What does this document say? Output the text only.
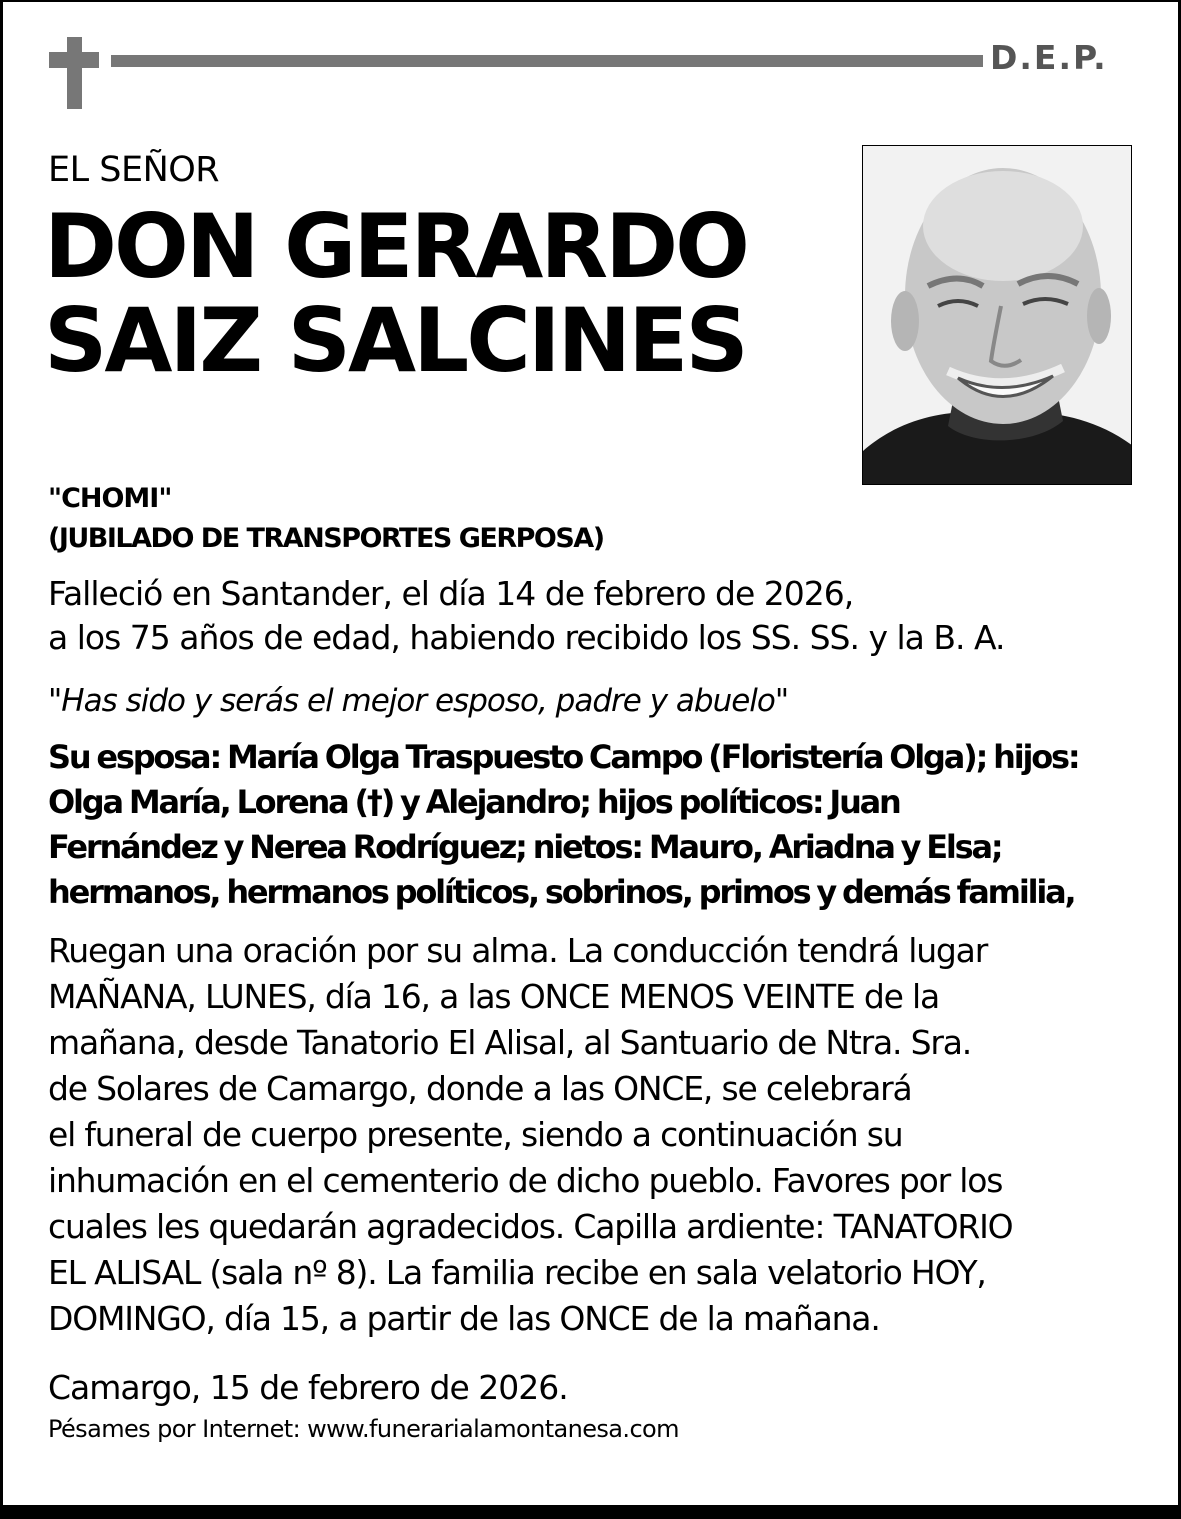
D.E.P.
EL SEÑOR
DON GERARDO
SAIZ SALCINES
"CHOMI"
(JUBILADO DE TRANSPORTES GERPOSA)
Falleció en Santander, el día 14 de febrero de 2026,
a los 75 años de edad, habiendo recibido los SS. SS. y la B. A.
"Has sido y serás el mejor esposo, padre y abuelo"
Su esposa: María Olga Traspuesto Campo (Floristería Olga); hijos:
Olga María, Lorena (†) y Alejandro; hijos políticos: Juan
Fernández y Nerea Rodríguez; nietos: Mauro, Ariadna y Elsa;
hermanos, hermanos políticos, sobrinos, primos y demás familia,
Ruegan una oración por su alma. La conducción tendrá lugar
MAÑANA, LUNES, día 16, a las ONCE MENOS VEINTE de la
mañana, desde Tanatorio El Alisal, al Santuario de Ntra. Sra.
de Solares de Camargo, donde a las ONCE, se celebrará
el funeral de cuerpo presente, siendo a continuación su
inhumación en el cementerio de dicho pueblo. Favores por los
cuales les quedarán agradecidos. Capilla ardiente: TANATORIO
EL ALISAL (sala nº 8). La familia recibe en sala velatorio HOY,
DOMINGO, día 15, a partir de las ONCE de la mañana.
Camargo, 15 de febrero de 2026.
Pésames por Internet: www.funerarialamontanesa.com
